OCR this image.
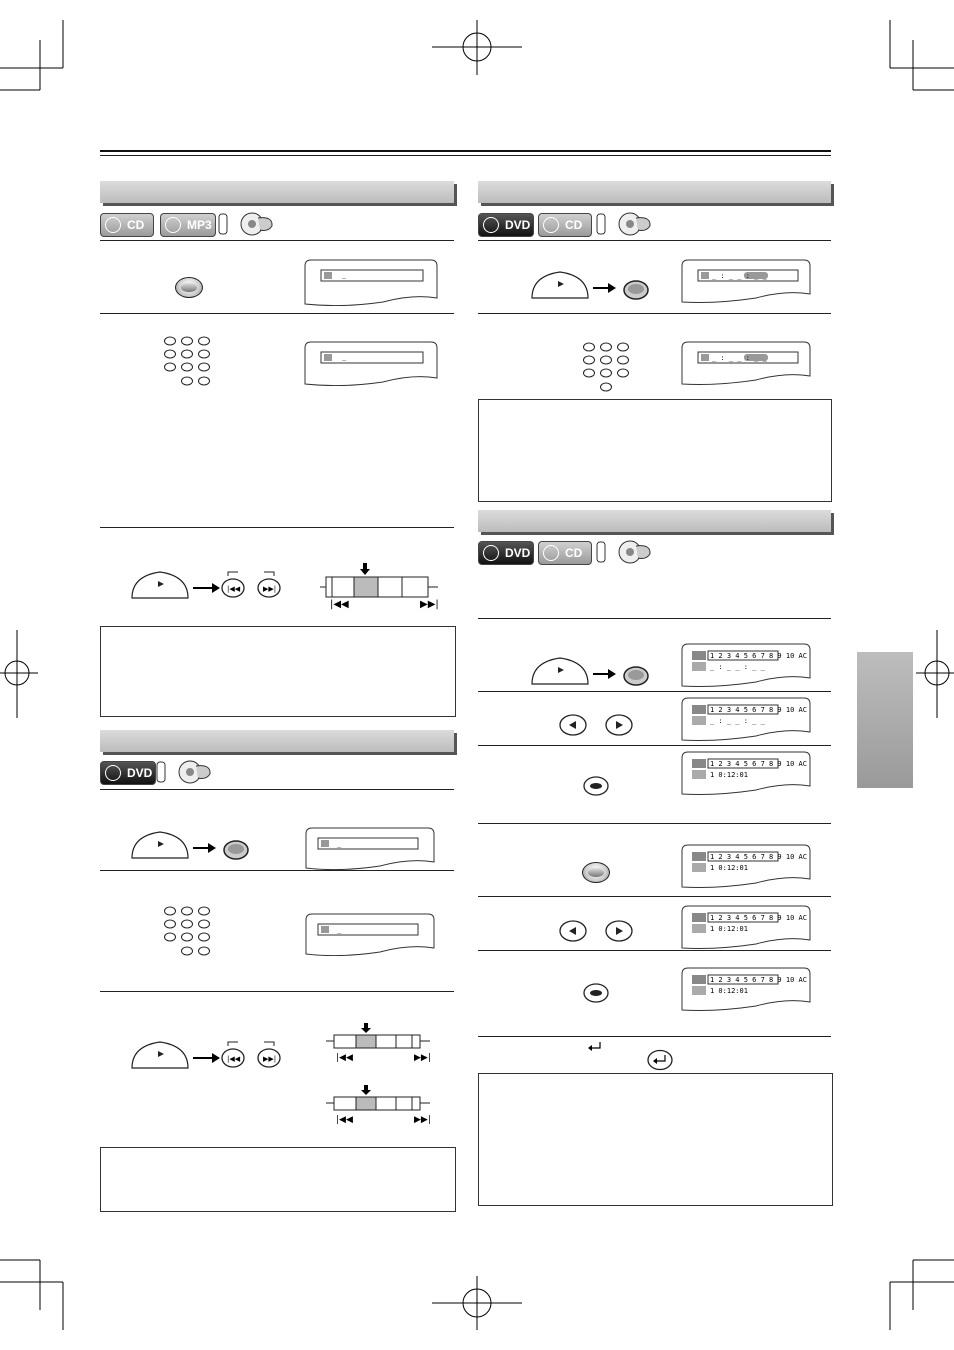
CD	MP3
_
_
|◀◀	▶▶|
|◀◀	▶▶|
DVD
_
_
|◀◀	▶▶|	|◀◀	▶▶|
|◀◀	▶▶|
DVD	CD
_ : _ _ : _ _
_ : _ _ : _ _
DVD	CD
1 2 3 4 5 6 7 8 9 10 AC
_ : _ _ : _ _
1 2 3 4 5 6 7 8 9 10 AC
_ : _ _ : _ _
1 2 3 4 5 6 7 8 9 10 AC
1 0:12:01
1 2 3 4 5 6 7 8 9 10 AC
1 0:12:01
1 2 3 4 5 6 7 8 9 10 AC
1 0:12:01
1 2 3 4 5 6 7 8 9 10 AC
1 0:12:01
